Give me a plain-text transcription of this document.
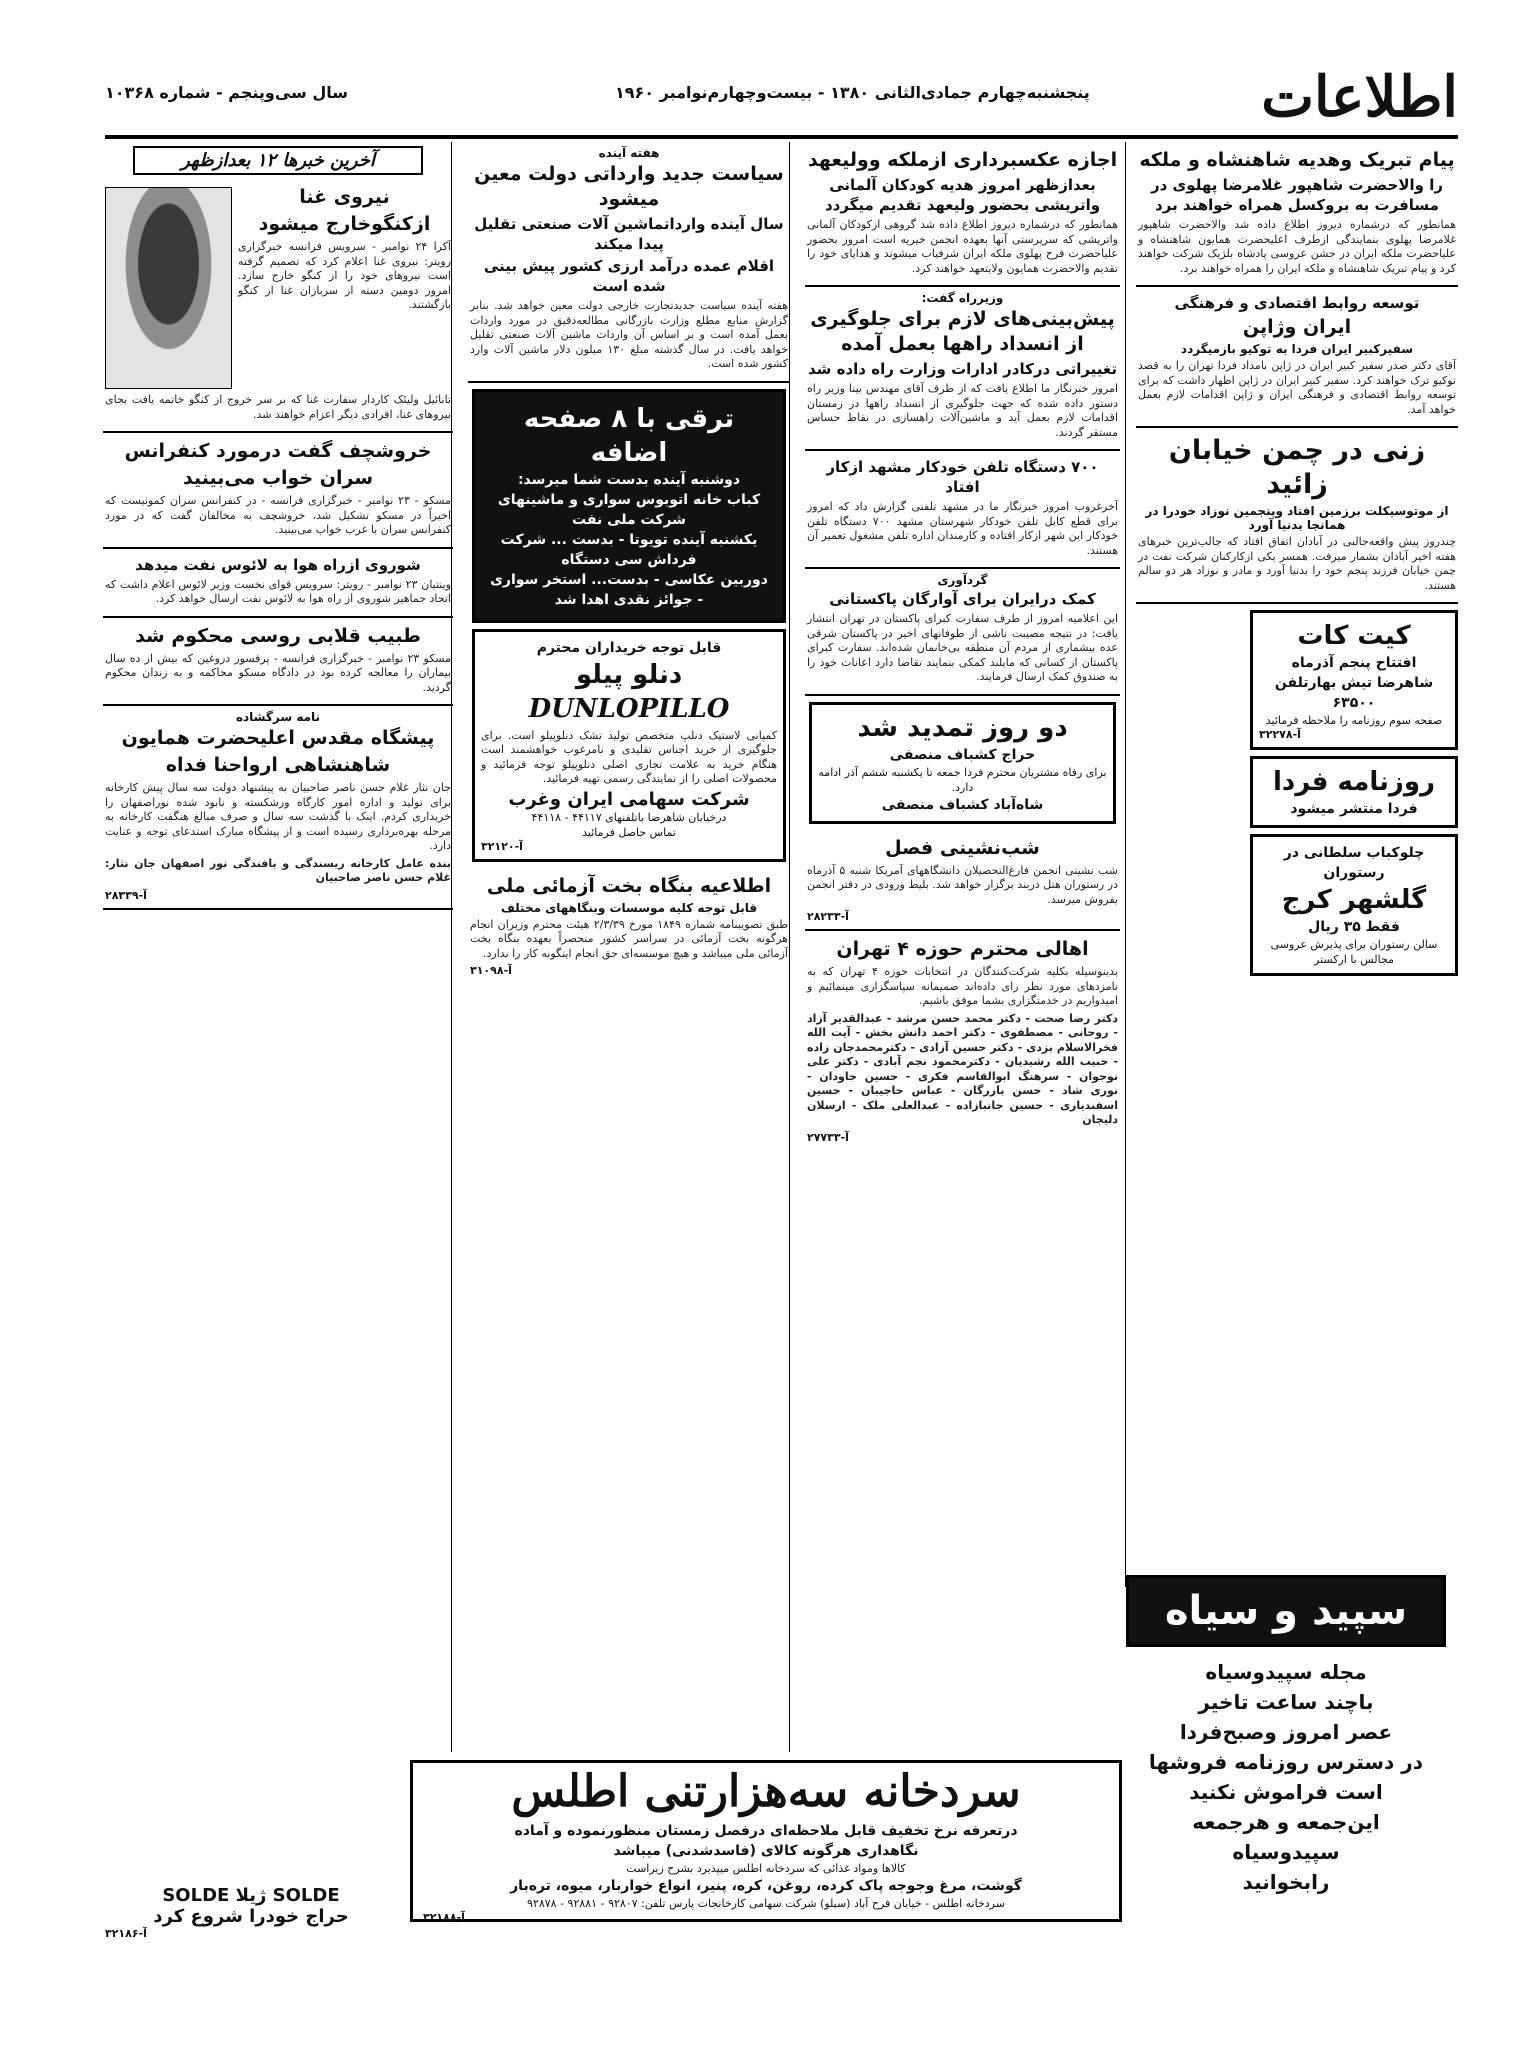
اطلاعات
پنجشنبه‌چهارم جمادی‌الثانی ۱۳۸۰ - بیست‌وچهارم‌نوامبر ۱۹۶۰
سال سی‌وپنجم - شماره ۱۰۳۶۸
پیام تبریک وهدیه شاهنشاه و ملکه
را والاحضرت شاهپور غلامرضا پهلوی در مسافرت به بروکسل همراه خواهند برد
همانطور که درشماره دیروز اطلاع داده شد والاحضرت شاهپور غلامرضا پهلوی بنمایندگی ازطرف اعلیحضرت همایون شاهنشاه و علیاحضرت ملکه ایران در جشن عروسی پادشاه بلژیک شرکت خواهند کرد و پیام تبریک شاهنشاه و ملکه ایران را همراه خواهند برد.
توسعه روابط اقتصادی و فرهنگی
ایران وژاپن
سفیرکبیر ایران فردا به توکیو بازمیگردد
آقای دکتر صدر سفیر کبیر ایران در ژاپن بامداد فردا تهران را به قصد توکیو ترک خواهند کرد. سفیر کبیر ایران در ژاپن اظهار داشت که برای توسعه روابط اقتصادی و فرهنگی ایران و ژاپن اقدامات لازم بعمل خواهد آمد.
زنی در چمن خیابان زائید
از موتوسیکلت برزمین افتاد وپنجمین نوزاد خودرا در همانجا بدنیا آورد
چندروز پیش واقعه‌جالبی در آبادان اتفاق افتاد که جالب‌ترین خبرهای هفته اخیر آبادان بشمار میرفت. همسر یکی ازکارکنان شرکت نفت در چمن خیابان فرزند پنجم خود را بدنیا آورد و مادر و نوزاد هر دو سالم هستند.
کیت کات
افتتاح پنجم آذرماه
شاهرضا تیش بهارتلفن
۶۳۵۰۰
صفحه سوم روزنامه را ملاحظه فرمائید
آ-۳۲۲۷۸
روزنامه فردا
فردا منتشر میشود
چلوکباب سلطانی در
رستوران
گلشهر کرج
فقط ۳۵ ریال
سالن رستوران برای پذیرش عروسی
مجالس با ارکستر
سپید و سیاه
مجله سپیدوسیاه
باچند ساعت تاخیر
عصر امروز وصبح‌فردا
در دسترس روزنامه فروشها
است فراموش نکنید
این‌جمعه و هرجمعه
سپیدوسیاه
رابخوانید
اجازه عکسبرداری ازملکه وولیعهد
بعدازظهر امروز هدیه کودکان آلمانی واتریشی بحضور ولیعهد تقدیم میگردد
همانطور که درشماره دیروز اطلاع داده شد گروهی ازکودکان آلمانی واتریشی که سرپرستی آنها بعهده انجمن خیریه است امروز بحضور علیاحضرت فرح پهلوی ملکه ایران شرفیاب میشوند و هدایای خود را تقدیم والاحضرت همایون ولایتعهد خواهند کرد.
وزیرراه گفت:
پیش‌بینی‌های لازم برای جلوگیری از انسداد راهها بعمل آمده
تغییراتی درکادر ادارات وزارت راه داده شد
امروز خبرنگار ما اطلاع یافت که از طرف آقای مهندس بینا وزیر راه دستور داده شده که جهت جلوگیری از انسداد راهها در زمستان اقدامات لازم بعمل آید و ماشین‌آلات راهسازی در نقاط حساس مستقر گردند.
۷۰۰ دستگاه تلفن خودکار مشهد ازکار افتاد
آخرغروب امروز خبرنگار ما در مشهد تلفنی گزارش داد که امروز برای قطع کابل تلفن خودکار شهرستان مشهد ۷۰۰ دستگاه تلفن خودکار این شهر ازکار افتاده و کارمندان اداره تلفن مشغول تعمیر آن هستند.
گردآوری
کمک درایران برای آوارگان پاکستانی
این اعلامیه امروز از طرف سفارت کبرای پاکستان در تهران انتشار یافت: در نتیجه مصیبت ناشی از طوفانهای اخیر در پاکستان شرقی عده بیشماری از مردم آن منطقه بی‌خانمان شده‌اند. سفارت کبرای پاکستان از کسانی که مایلند کمکی بنمایند تقاضا دارد اعانات خود را به صندوق کمک ارسال فرمایند.
دو روز تمدید شد
حراج کشباف منصفی
برای رفاه مشتریان محترم فردا جمعه تا یکشنبه ششم آذر ادامه دارد.
شاه‌آباد کشباف منصفی
شب‌نشینی فصل
شب نشینی انجمن فارغ‌التحصیلان دانشگاههای آمریکا شنبه ۵ آذرماه در رستوران هتل دربند برگزار خواهد شد. بلیط ورودی در دفتر انجمن بفروش میرسد.
آ-۲۸۲۳۳
اهالی محترم حوزه ۴ تهران
بدینوسیله بکلیه شرکت‌کنندگان در انتخابات حوزه ۴ تهران که به نامزدهای مورد نظر رای داده‌اند صمیمانه سپاسگزاری مینمائیم و امیدواریم در خدمتگزاری بشما موفق باشیم.
دکتر رضا صحت - دکتر محمد حسن مرشد - عبدالقدیر آزاد - روحانی - مصطفوی - دکتر احمد دانش بخش - آیت الله فخرالاسلام بزدی - دکتر حسین آزادی - دکترمحمدجان زاده - حبیب الله رشیدیان - دکترمحمود نجم آبادی - دکتر علی نوجوان - سرهنگ ابوالقاسم فکری - حسین جاودان - نوری شاد - حسن بازرگان - عباس حاجیبان - حسین اسفندیاری - حسین جانبازاده - عبدالعلی ملک - ارسلان دلیجان
آ-۲۷۷۳۳
هفته آینده
سیاست جدید وارداتی دولت معین میشود
سال آینده وارداتماشین آلات صنعتی تقلیل پیدا میکند
اقلام عمده درآمد ارزی کشور پیش بینی شده است
هفته آینده سیاست جدیدتجارت خارجی دولت معین خواهد شد. بنابر گزارش منابع مطلع وزارت بازرگانی مطالعه‌دقیق در مورد واردات بعمل آمده است و بر اساس آن واردات ماشین آلات صنعتی تقلیل خواهد یافت. در سال گذشته مبلغ ۱۳۰ میلون دلار ماشین آلات وارد کشور شده است.
ترقی با ۸ صفحه اضافه
دوشنبه آینده بدست شما میرسد:
کباب خانه اتوبوس سواری و ماشینهای شرکت ملی نفت
یکشنبه آینده تویوتا - بدست ... شرکت فرداش سی دستگاه
دوربین عکاسی - بدست... استخر سواری - جوائز نقدی اهدا شد
قابل توجه خریداران محترم
دنلو پیلو
DUNLOPILLO
کمپانی لاستیک دنلپ متخصص تولید تشک دنلوپیلو است. برای جلوگیری از خرید اجناس تقلیدی و نامرغوب خواهشمند است هنگام خرید به علامت تجاری اصلی دنلوپیلو توجه فرمائید و محصولات اصلی را از نمایندگی رسمی تهیه فرمائید.
شرکت سهامی ایران وغرب
درخیابان شاهرضا باتلفنهای ۴۴۱۱۷ - ۴۴۱۱۸
تماس حاصل فرمائید
آ-۳۲۱۲۰
اطلاعیه بنگاه بخت آزمائی ملی
قابل توجه کلیه موسسات وبنگاههای مختلف
طبق تصویبنامه شماره ۱۸۴۹ مورخ ۲/۳/۳۹ هیئت محترم وزیران انجام هرگونه بخت آزمائی در سراسر کشور منحصراً بعهده بنگاه بخت آزمائی ملی میباشد و هیچ موسسه‌ای حق انجام اینگونه کار را ندارد.
آ-۳۱۰۹۸
آخرین خبرها ۱۲ بعدازظهر
نیروی غنا
ازکنگوخارج میشود
آکرا ۲۴ نوامبر - سرویس فرانسه خبرگزاری رویتر: نیروی غنا اعلام کرد که تصمیم گرفته است نیروهای خود را از کنگو خارج سازد. امروز دومین دسته از سربازان غنا از کنگو بازگشتند.
تانائیل ولیئک کاردار سفارت غنا که بر سر خروج از کنگو خاتمه یافت بجای نیروهای غنا، افرادی دیگر اعزام خواهند شد.
خروشچف گفت درمورد کنفرانس
سران خواب می‌بینید
مسکو - ۲۳ نوامبر - خبرگزاری فرانسه - در کنفرانس سران کمونیست که اخیراً در مسکو تشکیل شد، خروشچف به مخالفان گفت که در مورد کنفرانس سران با غرب خواب می‌بینید.
شوروی ازراه هوا به لائوس نفت میدهد
وینتیان ۲۳ نوامبر - رویتر: سرویس قوای نخست وزیر لائوس اعلام داشت که اتحاد جماهیر شوروی از راه هوا به لائوس نفت ارسال خواهد کرد.
طبیب قلابی روسی محکوم شد
مسکو ۲۳ نوامبر - خبرگزاری فرانسه - پرفسور دروغین که بیش از ده سال بیماران را معالجه کرده بود در دادگاه مسکو محاکمه و به زندان محکوم گردید.
نامه سرگشاده
پیشگاه مقدس اعلیحضرت همایون
شاهنشاهی ارواحنا فداه
جان نثار غلام حسن ناصر صاحبیان به پیشنهاد دولت سه سال پیش کارخانه برای تولید و اداره امور کارگاه ورشکسته و نابود شده نوراصفهان را خریداری کردم. اینک با گذشت سه سال و صرف مبالغ هنگفت کارخانه به مرحله بهره‌برداری رسیده است و از پیشگاه مبارک استدعای توجه و عنایت دارد.
بنده عامل کارخانه ریسندگی و بافندگی نور اصفهان جان نثار: غلام حسن ناصر صاحبیان
آ-۲۸۳۳۹
SOLDE ژیلا SOLDE
حراج خودرا شروع کرد
آ-۳۲۱۸۶
سردخانه سه‌هزارتنی اطلس
درتعرفه نرخ تخفیف قابل ملاحظه‌ای درفصل زمستان منظورنموده و آماده
نگاهداری هرگونه کالای (فاسدشدنی) میباشد
کالاها ومواد غذائی که سردخانه اطلس میپذیرد بشرح زیراست
گوشت، مرغ وجوجه پاک کرده، روغن، کره، پنیر، انواع خواربار، میوه، تره‌بار
سردخانه اطلس - خیابان فرح آباد (سیلو) شرکت سهامی کارخانجات پارس تلفن: ۹۲۸۰۷ - ۹۲۸۸۱ - ۹۲۸۷۸
آ-۳۲۱۸۸
